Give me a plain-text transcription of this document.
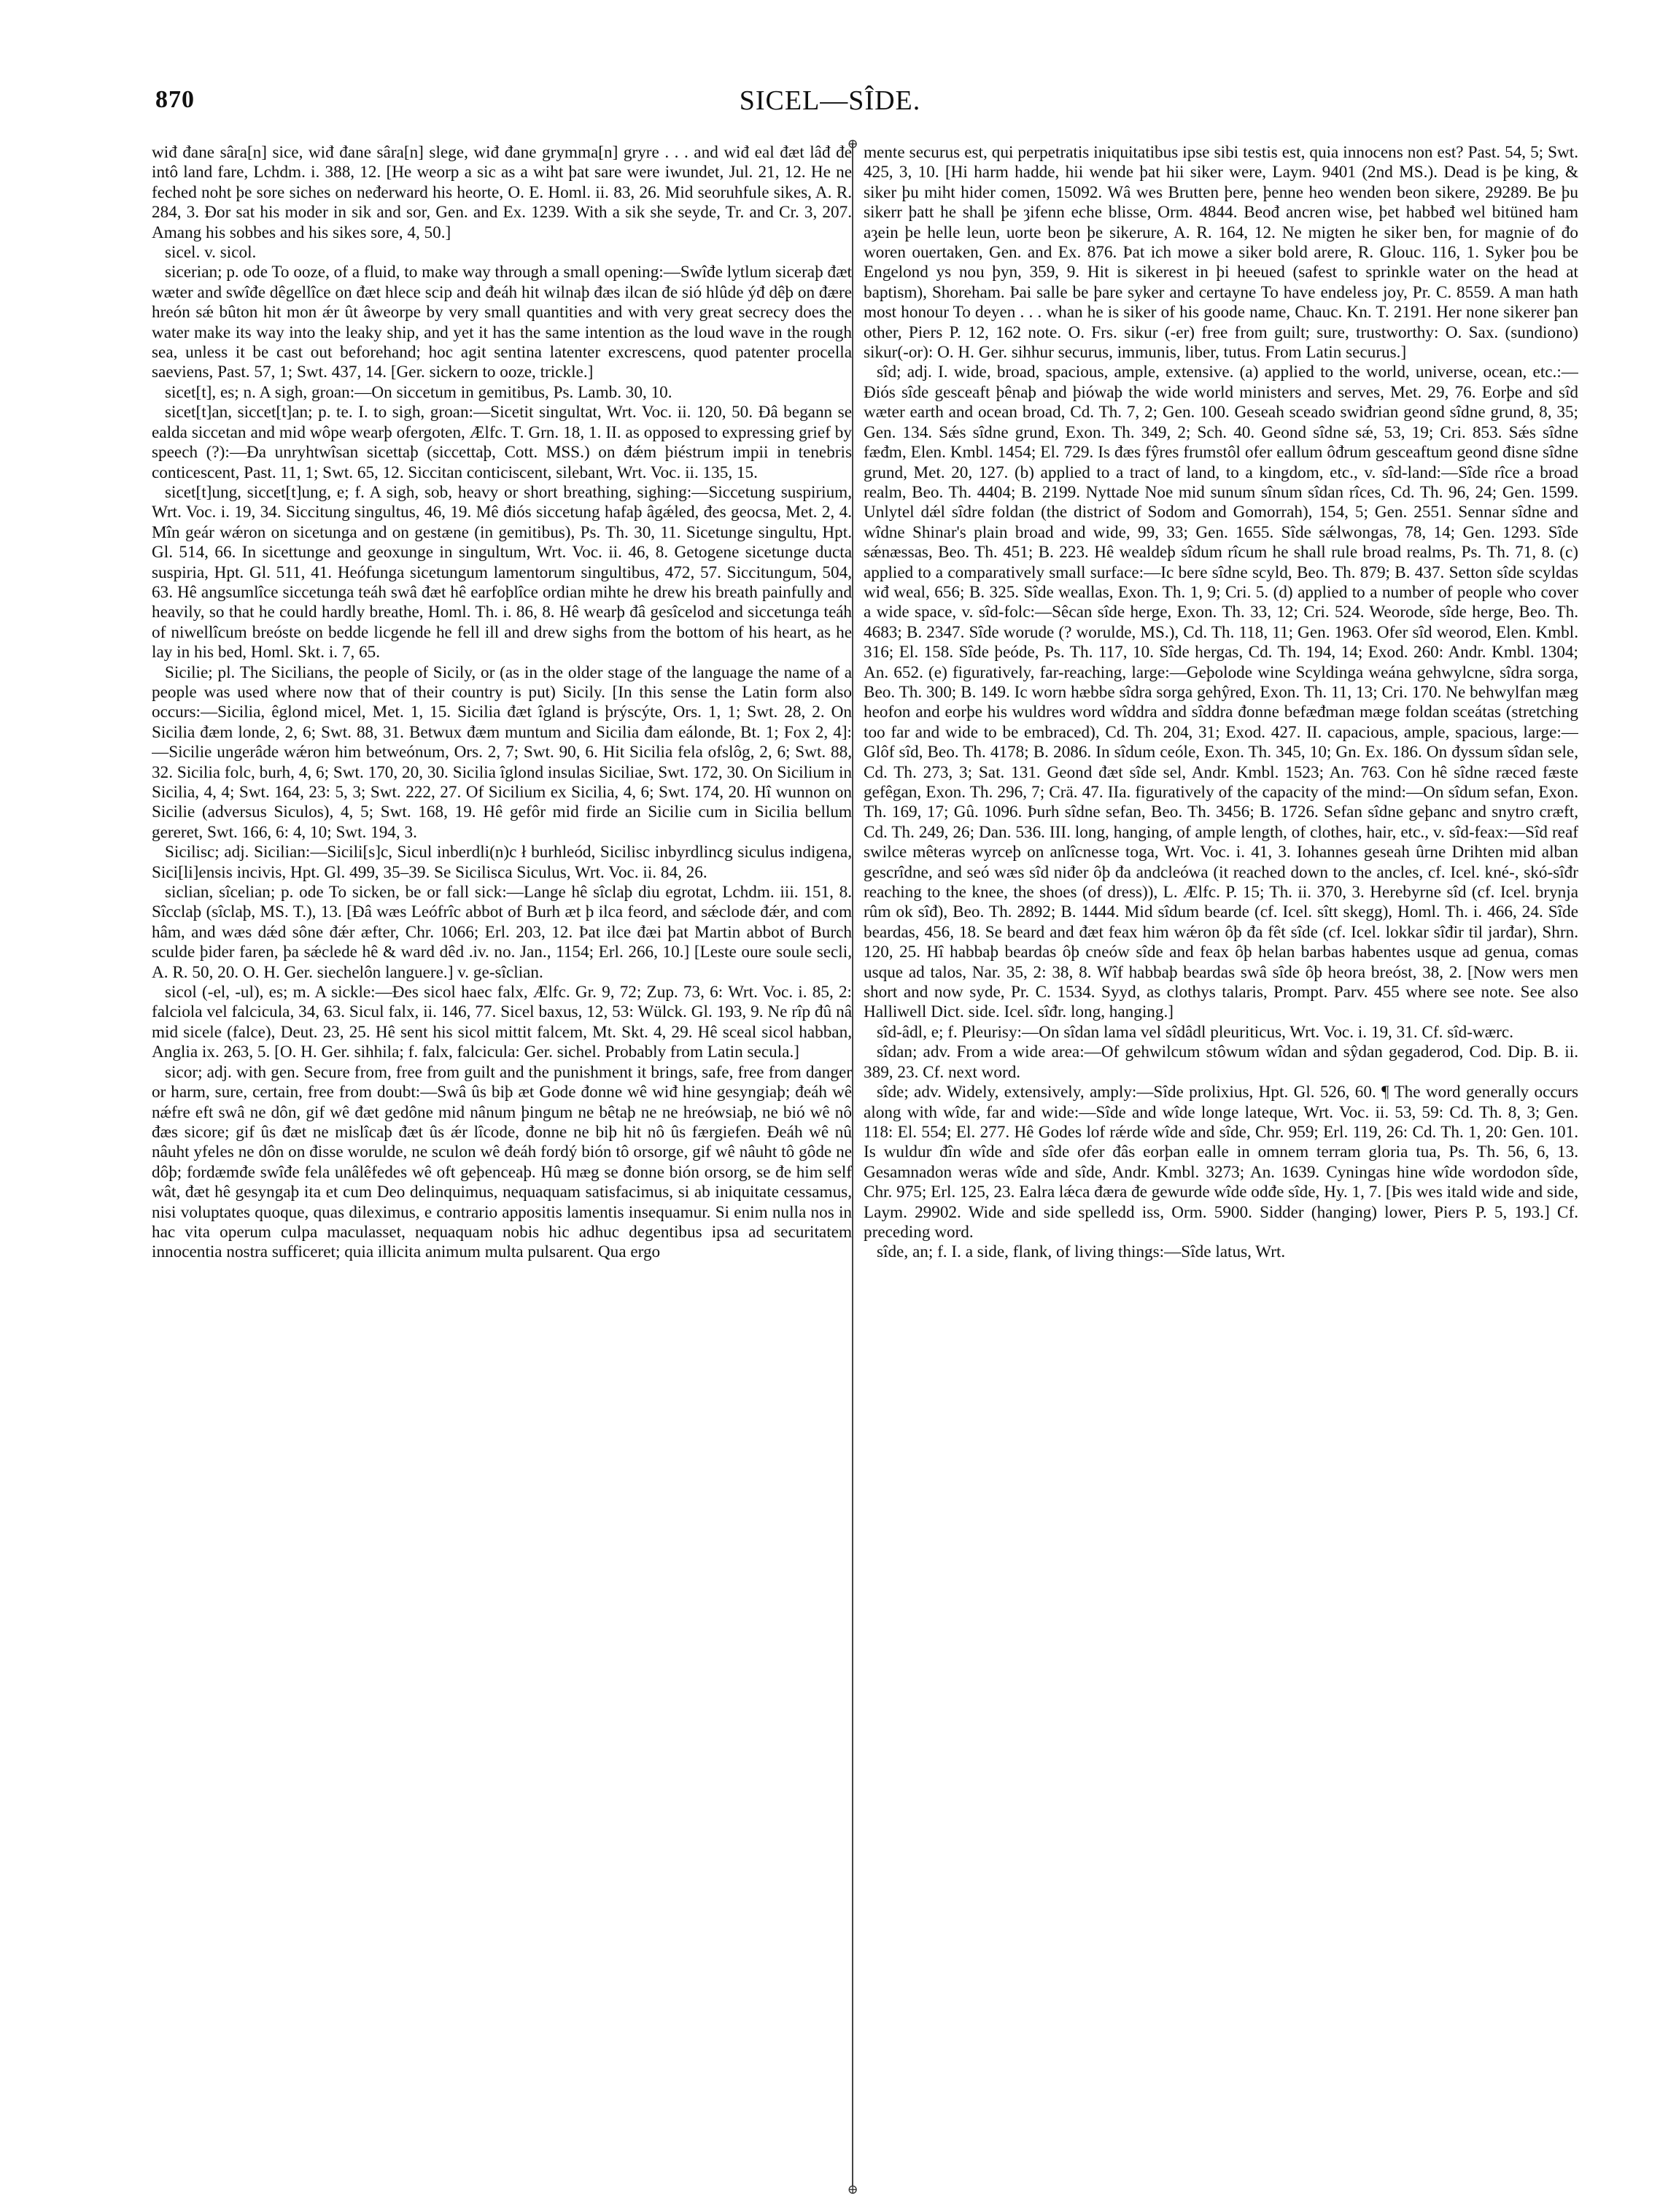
870	SICEL—SÎDE.

wiđ đane sâra[n] sice, wiđ đane sâra[n] slege, wiđ đane grymma[n] gryre . . . and wiđ eal đæt lâđ đe intô land fare, Lchdm. i. 388, 12. [He weorp a sic as a wiht þat sare were iwundet, Jul. 21, 12. He ne feched noht þe sore siches on neđerward his heorte, O. E. Homl. ii. 83, 26. Mid seoruhfule sikes, A. R. 284, 3. Đor sat his moder in sik and sor, Gen. and Ex. 1239. With a sik she seyde, Tr. and Cr. 3, 207. Amang his sobbes and his sikes sore, 4, 50.]

sicel. v. sicol.

sicerian; p. ode To ooze, of a fluid, to make way through a small opening:—Swîđe lytlum siceraþ đæt wæter and swîđe dêgellîce on đæt hlece scip and đeáh hit wilnaþ đæs ilcan đe sió hlûde ýđ dêþ on đære hreón sǽ bûton hit mon ǽr ût âweorpe by very small quantities and with very great secrecy does the water make its way into the leaky ship, and yet it has the same intention as the loud wave in the rough sea, unless it be cast out beforehand; hoc agit sentina latenter excrescens, quod patenter procella saeviens, Past. 57, 1; Swt. 437, 14. [Ger. sickern to ooze, trickle.]

sicet[t], es; n. A sigh, groan:—On siccetum in gemitibus, Ps. Lamb. 30, 10.

sicet[t]an, siccet[t]an; p. te. I. to sigh, groan:—Sicetit singultat, Wrt. Voc. ii. 120, 50. Đâ begann se ealda siccetan and mid wôpe wearþ ofergoten, Ælfc. T. Grn. 18, 1. II. as opposed to expressing grief by speech (?):—Đa unryhtwîsan sicettaþ (siccettaþ, Cott. MSS.) on đǽm þiéstrum impii in tenebris conticescent, Past. 11, 1; Swt. 65, 12. Siccitan conticiscent, silebant, Wrt. Voc. ii. 135, 15.

sicet[t]ung, siccet[t]ung, e; f. A sigh, sob, heavy or short breathing, sighing:—Siccetung suspirium, Wrt. Voc. i. 19, 34. Siccitung singultus, 46, 19. Mê điós siccetung hafaþ âgǽled, đes geocsa, Met. 2, 4. Mîn geár wǽron on sicetunga and on gestæne (in gemitibus), Ps. Th. 30, 11. Sicetunge singultu, Hpt. Gl. 514, 66. In sicettunge and geoxunge in singultum, Wrt. Voc. ii. 46, 8. Getogene sicetunge ducta suspiria, Hpt. Gl. 511, 41. Heófunga sicetungum lamentorum singultibus, 472, 57. Siccitungum, 504, 63. Hê angsumlîce siccetunga teáh swâ đæt hê earfoþlîce ordian mihte he drew his breath painfully and heavily, so that he could hardly breathe, Homl. Th. i. 86, 8. Hê wearþ đâ gesîcelod and siccetunga teáh of niwellîcum breóste on bedde licgende he fell ill and drew sighs from the bottom of his heart, as he lay in his bed, Homl. Skt. i. 7, 65.

Sicilie; pl. The Sicilians, the people of Sicily, or (as in the older stage of the language the name of a people was used where now that of their country is put) Sicily. [In this sense the Latin form also occurs:—Sicilia, êglond micel, Met. 1, 15. Sicilia đæt îgland is þrýscýte, Ors. 1, 1; Swt. 28, 2. On Sicilia đæm londe, 2, 6; Swt. 88, 31. Betwux đæm muntum and Sicilia đam eálonde, Bt. 1; Fox 2, 4]:—Sicilie ungerâde wǽron him betweónum, Ors. 2, 7; Swt. 90, 6. Hit Sicilia fela ofslôg, 2, 6; Swt. 88, 32. Sicilia folc, burh, 4, 6; Swt. 170, 20, 30. Sicilia îglond insulas Siciliae, Swt. 172, 30. On Sicilium in Sicilia, 4, 4; Swt. 164, 23: 5, 3; Swt. 222, 27. Of Sicilium ex Sicilia, 4, 6; Swt. 174, 20. Hî wunnon on Sicilie (adversus Siculos), 4, 5; Swt. 168, 19. Hê gefôr mid firde an Sicilie cum in Sicilia bellum gereret, Swt. 166, 6: 4, 10; Swt. 194, 3.

Sicilisc; adj. Sicilian:—Sicili[s]c, Sicul inberdli(n)c ł burhleód, Sicilisc inbyrdlincg siculus indigena, Sici[li]ensis incivis, Hpt. Gl. 499, 35–39. Se Sicilisca Siculus, Wrt. Voc. ii. 84, 26.

siclian, sîcelian; p. ode To sicken, be or fall sick:—Lange hê sîclaþ diu egrotat, Lchdm. iii. 151, 8. Sîcclaþ (sîclaþ, MS. T.), 13. [Đâ wæs Leófrîc abbot of Burh æt þ ilca feord, and sǽclode đǽr, and com hâm, and wæs dǽd sône đǽr æfter, Chr. 1066; Erl. 203, 12. Þat ilce đæi þat Martin abbot of Burch sculde þider faren, þa sǽclede hê & ward dêd .iv. no. Jan., 1154; Erl. 266, 10.] [Leste oure soule secli, A. R. 50, 20. O. H. Ger. siechelôn languere.] v. ge-sîclian.

sicol (-el, -ul), es; m. A sickle:—Đes sicol haec falx, Ælfc. Gr. 9, 72; Zup. 73, 6: Wrt. Voc. i. 85, 2: falciola vel falcicula, 34, 63. Sicul falx, ii. 146, 77. Sicel baxus, 12, 53: Wülck. Gl. 193, 9. Ne rîp đû nâ mid sicele (falce), Deut. 23, 25. Hê sent his sicol mittit falcem, Mt. Skt. 4, 29. Hê sceal sicol habban, Anglia ix. 263, 5. [O. H. Ger. sihhila; f. falx, falcicula: Ger. sichel. Probably from Latin secula.]

sicor; adj. with gen. Secure from, free from guilt and the punishment it brings, safe, free from danger or harm, sure, certain, free from doubt:—Swâ ûs biþ æt Gode đonne wê wiđ hine gesyngiaþ; đeáh wê nǽfre eft swâ ne dôn, gif wê đæt gedône mid nânum þingum ne bêtaþ ne ne hreówsiaþ, ne bió wê nô đæs sicore; gif ûs đæt ne mislîcaþ đæt ûs ǽr lîcode, đonne ne biþ hit nô ûs færgiefen. Đeáh wê nû nâuht yfeles ne dôn on đisse woruldе, ne sculon wê đeáh fordý bión tô orsorge, gif wê nâuht tô gôde ne dôþ; fordæmđe swîđe fela unâlêfedes wê oft geþenceaþ. Hû mæg se đonne bión orsorg, se đe him self wât, đæt hê gesyngaþ ita et cum Deo delinquimus, nequaquam satisfacimus, si ab iniquitate cessamus, nisi voluptates quoque, quas dileximus, e contrario appositis lamentis insequamur. Si enim nulla nos in hac vita operum culpa maculasset, nequaquam nobis hic adhuc degentibus ipsa ad securitatem innocentia nostra sufficeret; quia illicita animum multa pulsarent. Qua ergo

⊕
⊕

mente securus est, qui perpetratis iniquitatibus ipse sibi testis est, quia innocens non est? Past. 54, 5; Swt. 425, 3, 10. [Hi harm hadde, hii wende þat hii siker were, Laym. 9401 (2nd MS.). Dead is þe king, & siker þu miht hider comen, 15092. Wâ wes Brutten þere, þenne heo wenden beon sikere, 29289. Be þu sikerr þatt he shall þe ȝifenn eche blisse, Orm. 4844. Beođ ancren wise, þet habbeđ wel bitüned ham aȝein þe helle leun, uorte beon þe sikerure, A. R. 164, 12. Ne migten he siker ben, for magnie of đo woren ouertaken, Gen. and Ex. 876. Þat ich mowe a siker bold arere, R. Glouc. 116, 1. Syker þou be Engelond ys nou þyn, 359, 9. Hit is sikerest in þi heeued (safest to sprinkle water on the head at baptism), Shoreham. Þai salle be þare syker and certayne To have endeless joy, Pr. C. 8559. A man hath most honour To deyen . . . whan he is siker of his goode name, Chauc. Kn. T. 2191. Her none sikerer þan other, Piers P. 12, 162 note. O. Frs. sikur (-er) free from guilt; sure, trustworthy: O. Sax. (sundiono) sikur(-or): O. H. Ger. sihhur securus, immunis, liber, tutus. From Latin securus.]

sîd; adj. I. wide, broad, spacious, ample, extensive. (a) applied to the world, universe, ocean, etc.:—Điós sîde gesceaft þênaþ and þiówaþ the wide world ministers and serves, Met. 29, 76. Eorþe and sîd wæter earth and ocean broad, Cd. Th. 7, 2; Gen. 100. Geseah sceado swiđrian geond sîdne grund, 8, 35; Gen. 134. Sǽs sîdne grund, Exon. Th. 349, 2; Sch. 40. Geond sîdne sǽ, 53, 19; Cri. 853. Sǽs sîdne fæđm, Elen. Kmbl. 1454; El. 729. Is đæs fŷres frumstôl ofer eallum ôđrum gesceaftum geond đisne sîdne grund, Met. 20, 127. (b) applied to a tract of land, to a kingdom, etc., v. sîd-land:—Sîde rîce a broad realm, Beo. Th. 4404; B. 2199. Nyttade Noe mid sunum sînum sîdan rîces, Cd. Th. 96, 24; Gen. 1599. Unlytel dǽl sîdre foldan (the district of Sodom and Gomorrah), 154, 5; Gen. 2551. Sennar sîdne and wîdne Shinar's plain broad and wide, 99, 33; Gen. 1655. Sîde sǽlwongas, 78, 14; Gen. 1293. Sîde sǽnæssas, Beo. Th. 451; B. 223. Hê wealdeþ sîdum rîcum he shall rule broad realms, Ps. Th. 71, 8. (c) applied to a comparatively small surface:—Ic bere sîdne scyld, Beo. Th. 879; B. 437. Setton sîde scyldas wiđ weal, 656; B. 325. Sîde weallas, Exon. Th. 1, 9; Cri. 5. (d) applied to a number of people who cover a wide space, v. sîd-folc:—Sêcan sîde herge, Exon. Th. 33, 12; Cri. 524. Weorode, sîde herge, Beo. Th. 4683; B. 2347. Sîde worude (? worulde, MS.), Cd. Th. 118, 11; Gen. 1963. Ofer sîd weorod, Elen. Kmbl. 316; El. 158. Sîde þeóde, Ps. Th. 117, 10. Sîde hergas, Cd. Th. 194, 14; Exod. 260: Andr. Kmbl. 1304; An. 652. (e) figuratively, far-reaching, large:—Geþolode wine Scyldinga weána gehwylcne, sîdra sorga, Beo. Th. 300; B. 149. Ic worn hæbbe sîdra sorga gehŷred, Exon. Th. 11, 13; Cri. 170. Ne behwylfan mæg heofon and eorþe his wuldres word wîddra and sîddra đonne befæđman mæge foldan sceátas (stretching too far and wide to be embraced), Cd. Th. 204, 31; Exod. 427. II. capacious, ample, spacious, large:—Glôf sîd, Beo. Th. 4178; B. 2086. In sîdum ceóle, Exon. Th. 345, 10; Gn. Ex. 186. On đyssum sîdan sele, Cd. Th. 273, 3; Sat. 131. Geond đæt sîde sel, Andr. Kmbl. 1523; An. 763. Con hê sîdne ræced fæste gefêgan, Exon. Th. 296, 7; Crä. 47. IIa. figuratively of the capacity of the mind:—On sîdum sefan, Exon. Th. 169, 17; Gû. 1096. Þurh sîdne sefan, Beo. Th. 3456; B. 1726. Sefan sîdne geþanc and snytro cræft, Cd. Th. 249, 26; Dan. 536. III. long, hanging, of ample length, of clothes, hair, etc., v. sîd-feax:—Sîd reaf swilce mêteras wyrceþ on anlîcnesse toga, Wrt. Voc. i. 41, 3. Iohannes geseah ûrne Drihten mid alban gescrîdne, and seó wæs sîd niđer ôþ đa andcleówa (it reached down to the ancles, cf. Icel. kné-, skó-sîđr reaching to the knee, the shoes (of dress)), L. Ælfc. P. 15; Th. ii. 370, 3. Herebyrne sîd (cf. Icel. brynja rûm ok sîđ), Beo. Th. 2892; B. 1444. Mid sîdum bearde (cf. Icel. sîtt skegg), Homl. Th. i. 466, 24. Sîde beardas, 456, 18. Se beard and đæt feax him wǽron ôþ đa fêt sîde (cf. Icel. lokkar sîđir til jarđar), Shrn. 120, 25. Hî habbaþ beardas ôþ cneów sîde and feax ôþ helan barbas habentes usque ad genua, comas usque ad talos, Nar. 35, 2: 38, 8. Wîf habbaþ beardas swâ sîde ôþ heora breóst, 38, 2. [Now wers men short and now syde, Pr. C. 1534. Syyd, as clothys talaris, Prompt. Parv. 455 where see note. See also Halliwell Dict. side. Icel. sîđr. long, hanging.]

sîd-âdl, e; f. Pleurisy:—On sîdan lama vel sîdâdl pleuriticus, Wrt. Voc. i. 19, 31. Cf. sîd-wærc.

sîdan; adv. From a wide area:—Of gehwilcum stôwum wîdan and sŷdan gegaderod, Cod. Dip. B. ii. 389, 23. Cf. next word.

sîde; adv. Widely, extensively, amply:—Sîde prolixius, Hpt. Gl. 526, 60. ¶ The word generally occurs along with wîde, far and wide:—Sîde and wîde longe lateque, Wrt. Voc. ii. 53, 59: Cd. Th. 8, 3; Gen. 118: El. 554; El. 277. Hê Godes lof rǽrde wîde and sîde, Chr. 959; Erl. 119, 26: Cd. Th. 1, 20: Gen. 101. Is wuldur đîn wîde and sîde ofer đâs eorþan ealle in omnem terram gloria tua, Ps. Th. 56, 6, 13. Gesamnadon weras wîde and sîde, Andr. Kmbl. 3273; An. 1639. Cyningas hine wîde wordodon sîde, Chr. 975; Erl. 125, 23. Ealra lǽca đæra đe gewurde wîde odđe sîde, Hy. 1, 7. [Þis wes itald wide and side, Laym. 29902. Wide and side spelledd iss, Orm. 5900. Sidder (hanging) lower, Piers P. 5, 193.] Cf. preceding word.

sîde, an; f. I. a side, flank, of living things:—Sîde latus, Wrt.
